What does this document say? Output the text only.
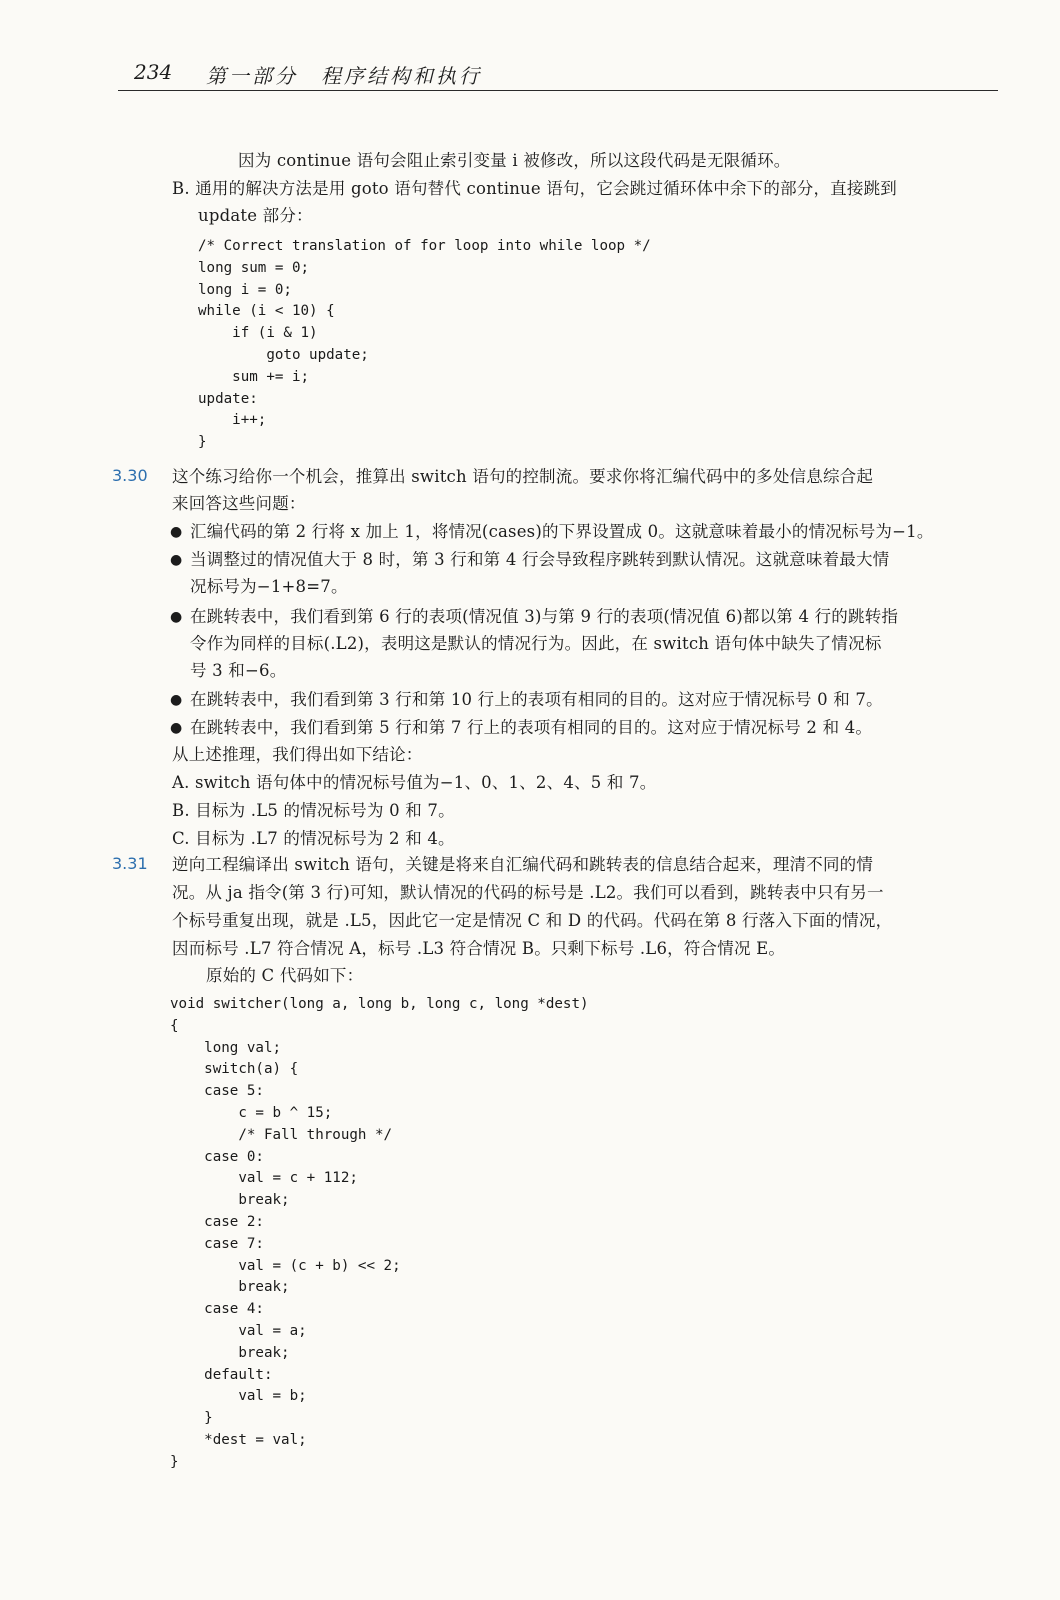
234 第一部分　程序结构和执行
因为 continue 语句会阻止索引变量 i 被修改，所以这段代码是无限循环。
B. 通用的解决方法是用 goto 语句替代 continue 语句，它会跳过循环体中余下的部分，直接跳到
update 部分：
/* Correct translation of for loop into while loop */
long sum = 0;
long i = 0;
while (i < 10) {
if (i & 1)
goto update;
sum += i;
update:
i++;
}
3.30 这个练习给你一个机会，推算出 switch 语句的控制流。要求你将汇编代码中的多处信息综合起
来回答这些问题：
● 汇编代码的第 2 行将 x 加上 1，将情况(cases)的下界设置成 0。这就意味着最小的情况标号为−1。
● 当调整过的情况值大于 8 时，第 3 行和第 4 行会导致程序跳转到默认情况。这就意味着最大情
况标号为−1+8=7。
● 在跳转表中，我们看到第 6 行的表项(情况值 3)与第 9 行的表项(情况值 6)都以第 4 行的跳转指
令作为同样的目标(.L2)，表明这是默认的情况行为。因此，在 switch 语句体中缺失了情况标
号 3 和−6。
● 在跳转表中，我们看到第 3 行和第 10 行上的表项有相同的目的。这对应于情况标号 0 和 7。
● 在跳转表中，我们看到第 5 行和第 7 行上的表项有相同的目的。这对应于情况标号 2 和 4。
从上述推理，我们得出如下结论：
A. switch 语句体中的情况标号值为−1、0、1、2、4、5 和 7。
B. 目标为 .L5 的情况标号为 0 和 7。
C. 目标为 .L7 的情况标号为 2 和 4。
3.31 逆向工程编译出 switch 语句，关键是将来自汇编代码和跳转表的信息结合起来，理清不同的情
况。从 ja 指令(第 3 行)可知，默认情况的代码的标号是 .L2。我们可以看到，跳转表中只有另一
个标号重复出现，就是 .L5，因此它一定是情况 C 和 D 的代码。代码在第 8 行落入下面的情况，
因而标号 .L7 符合情况 A，标号 .L3 符合情况 B。只剩下标号 .L6，符合情况 E。
原始的 C 代码如下：
void switcher(long a, long b, long c, long *dest)
{
long val;
switch(a) {
case 5:
c = b ^ 15;
/* Fall through */
case 0:
val = c + 112;
break;
case 2:
case 7:
val = (c + b) << 2;
break;
case 4:
val = a;
break;
default:
val = b;
}
*dest = val;
}
